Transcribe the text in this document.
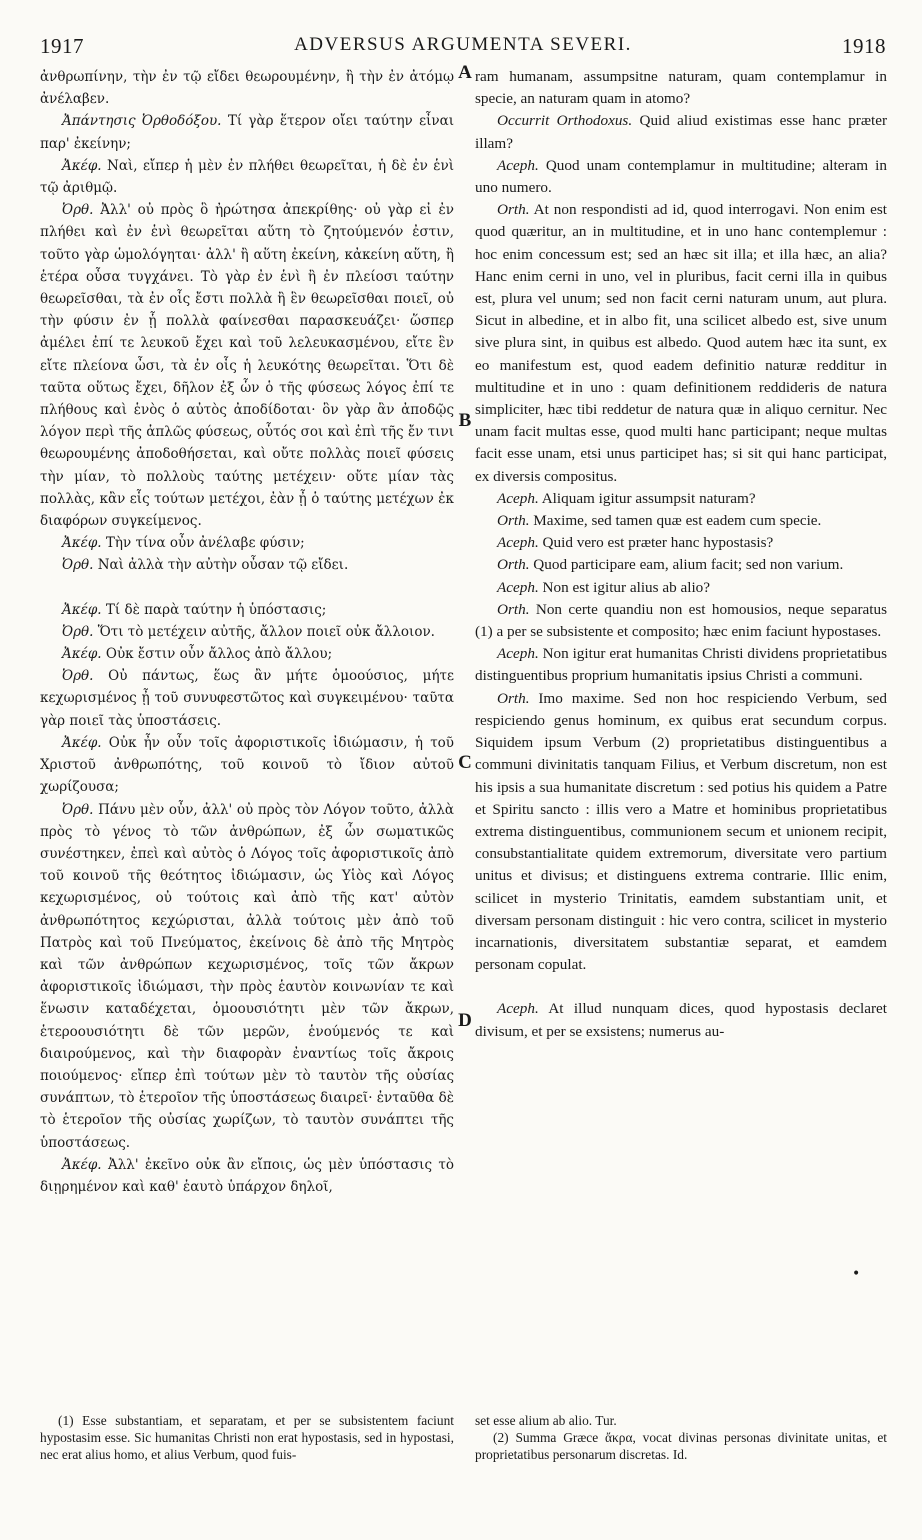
1917	ADVERSUS ARGUMENTA SEVERI.	1918

ἀνθρωπίνην, τὴν ἐν τῷ εἴδει θεωρουμένην, ἢ τὴν ἐν ἀτόμῳ ἀνέλαβεν.

Ἀπάντησις Ὀρθοδόξου. Τί γὰρ ἕτερον οἴει ταύτην εἶναι παρ' ἐκείνην;

Ἀκέφ. Ναὶ, εἴπερ ἡ μὲν ἐν πλήθει θεωρεῖται, ἡ δὲ ἐν ἑνὶ τῷ ἀριθμῷ.

Ὀρθ. Ἀλλ' οὐ πρὸς ὃ ἠρώτησα ἀπεκρίθης· οὐ γὰρ εἰ ἐν πλήθει καὶ ἐν ἑνὶ θεωρεῖται αὕτη τὸ ζητούμενόν ἐστιν, τοῦτο γὰρ ὡμολόγηται· ἀλλ' ἢ αὕτη ἐκείνη, κἀκείνη αὕτη, ἢ ἑτέρα οὖσα τυγχάνει. Τὸ γὰρ ἐν ἑνὶ ἢ ἐν πλείοσι ταύτην θεωρεῖσθαι, τὰ ἐν οἷς ἔστι πολλὰ ἢ ἓν θεωρεῖσθαι ποιεῖ, οὐ τὴν φύσιν ἐν ᾗ πολλὰ φαίνεσθαι παρασκευάζει· ὥσπερ ἀμέλει ἐπί τε λευκοῦ ἔχει καὶ τοῦ λελευκασμένου, εἴτε ἓν εἴτε πλείονα ὦσι, τὰ ἐν οἷς ἡ λευκότης θεωρεῖται. Ὅτι δὲ ταῦτα οὕτως ἔχει, δῆλον ἐξ ὧν ὁ τῆς φύσεως λόγος ἐπί τε πλήθους καὶ ἑνὸς ὁ αὐτὸς ἀποδίδοται· ὃν γὰρ ἂν ἀποδῷς λόγον περὶ τῆς ἁπλῶς φύσεως, οὗτός σοι καὶ ἐπὶ τῆς ἔν τινι θεωρουμένης ἀποδοθήσεται, καὶ οὔτε πολλὰς ποιεῖ φύσεις τὴν μίαν, τὸ πολλοὺς ταύτης μετέχειν· οὔτε μίαν τὰς πολλὰς, κἂν εἷς τούτων μετέχοι, ἐὰν ᾖ ὁ ταύτης μετέχων ἐκ διαφόρων συγκείμενος.

Ἀκέφ. Τὴν τίνα οὖν ἀνέλαβε φύσιν;

Ὀρθ. Ναὶ ἀλλὰ τὴν αὐτὴν οὖσαν τῷ εἴδει.

Ἀκέφ. Τί δὲ παρὰ ταύτην ἡ ὑπόστασις;

Ὀρθ. Ὅτι τὸ μετέχειν αὐτῆς, ἄλλον ποιεῖ οὐκ ἄλλοιον.

Ἀκέφ. Οὐκ ἔστιν οὖν ἄλλος ἀπὸ ἄλλου;

Ὀρθ. Οὐ πάντως, ἕως ἂν μήτε ὁμοούσιος, μήτε κεχωρισμένος ᾖ τοῦ συνυφεστῶτος καὶ συγκειμένου· ταῦτα γὰρ ποιεῖ τὰς ὑποστάσεις.

Ἀκέφ. Οὐκ ἦν οὖν τοῖς ἀφοριστικοῖς ἰδιώμασιν, ἡ τοῦ Χριστοῦ ἀνθρωπότης, τοῦ κοινοῦ τὸ ἴδιον αὐτοῦ χωρίζουσα;

Ὀρθ. Πάνυ μὲν οὖν, ἀλλ' οὐ πρὸς τὸν Λόγον τοῦτο, ἀλλὰ πρὸς τὸ γένος τὸ τῶν ἀνθρώπων, ἐξ ὧν σωματικῶς συνέστηκεν, ἐπεὶ καὶ αὐτὸς ὁ Λόγος τοῖς ἀφοριστικοῖς ἀπὸ τοῦ κοινοῦ τῆς θεότητος ἰδιώμασιν, ὡς Υἱὸς καὶ Λόγος κεχωρισμένος, οὐ τούτοις καὶ ἀπὸ τῆς κατ' αὐτὸν ἀνθρωπότητος κεχώρισται, ἀλλὰ τούτοις μὲν ἀπὸ τοῦ Πατρὸς καὶ τοῦ Πνεύματος, ἐκείνοις δὲ ἀπὸ τῆς Μητρὸς καὶ τῶν ἀνθρώπων κεχωρισμένος, τοῖς τῶν ἄκρων ἀφοριστικοῖς ἰδιώμασι, τὴν πρὸς ἑαυτὸν κοινωνίαν τε καὶ ἕνωσιν καταδέχεται, ὁμοουσιότητι μὲν τῶν ἄκρων, ἑτεροουσιότητι δὲ τῶν μερῶν, ἑνούμενός τε καὶ διαιρούμενος, καὶ τὴν διαφορὰν ἐναντίως τοῖς ἄκροις ποιούμενος· εἴπερ ἐπὶ τούτων μὲν τὸ ταυτὸν τῆς οὐσίας συνάπτων, τὸ ἑτεροῖον τῆς ὑποστάσεως διαιρεῖ· ἐνταῦθα δὲ τὸ ἑτεροῖον τῆς οὐσίας χωρίζων, τὸ ταυτὸν συνάπτει τῆς ὑποστάσεως.

Ἀκέφ. Ἀλλ' ἐκεῖνο οὐκ ἂν εἴποις, ὡς μὲν ὑπόστασις τὸ διῃρημένον καὶ καθ' ἑαυτὸ ὑπάρχον δηλοῖ,

ram humanam, assumpsitne naturam, quam contemplamur in specie, an naturam quam in atomo?

Occurrit Orthodoxus. Quid aliud existimas esse hanc præter illam?

Aceph. Quod unam contemplamur in multitudine; alteram in uno numero.

Orth. At non respondisti ad id, quod interrogavi. Non enim est quod quæritur, an in multitudine, et in uno hanc contemplemur : hoc enim concessum est; sed an hæc sit illa; et illa hæc, an alia? Hanc enim cerni in uno, vel in pluribus, facit cerni illa in quibus est, plura vel unum; sed non facit cerni naturam unum, aut plura. Sicut in albedine, et in albo fit, una scilicet albedo est, sive unum sive plura sint, in quibus est albedo. Quod autem hæc ita sunt, ex eo manifestum est, quod eadem definitio naturæ redditur in multitudine et in uno : quam definitionem reddideris de natura simpliciter, hæc tibi reddetur de natura quæ in aliquo cernitur. Nec unam facit multas esse, quod multi hanc participant; neque multas facit esse unam, etsi unus participet has; si sit qui hanc participat, ex diversis compositus.

Aceph. Aliquam igitur assumpsit naturam?

Orth. Maxime, sed tamen quæ est eadem cum specie.

Aceph. Quid vero est præter hanc hypostasis?

Orth. Quod participare eam, alium facit; sed non varium.

Aceph. Non est igitur alius ab alio?

Orth. Non certe quandiu non est homousios, neque separatus (1) a per se subsistente et composito; hæc enim faciunt hypostases.

Aceph. Non igitur erat humanitas Christi dividens proprietatibus distinguentibus proprium humanitatis ipsius Christi a communi.

Orth. Imo maxime. Sed non hoc respiciendo Verbum, sed respiciendo genus hominum, ex quibus erat secundum corpus. Siquidem ipsum Verbum (2) proprietatibus distinguentibus a communi divinitatis tanquam Filius, et Verbum discretum, non est his ipsis a sua humanitate discretum : sed potius his quidem a Patre et Spiritu sancto : illis vero a Matre et hominibus proprietatibus extrema distinguentibus, communionem secum et unionem recipit, consubstantialitate quidem extremorum, diversitate vero partium unitus et divisus; et distinguens extrema contrarie. Illic enim, scilicet in mysterio Trinitatis, eamdem substantiam unit, et diversam personam distinguit : hic vero contra, scilicet in mysterio incarnationis, diversitatem substantiæ separat, et eamdem personam copulat.

Aceph. At illud nunquam dices, quod hypostasis declaret divisum, et per se exsistens; numerus au-

A
B
C
D
•

(1) Esse substantiam, et separatam, et per se subsistentem faciunt hypostasim esse. Sic humanitas Christi non erat hypostasis, sed in hypostasi, nec erat alius homo, et alius Verbum, quod fuis-

set esse alium ab alio. Tur.

(2) Summa Græce ἄκρα, vocat divinas personas divinitate unitas, et proprietatibus personarum discretas. Id.
